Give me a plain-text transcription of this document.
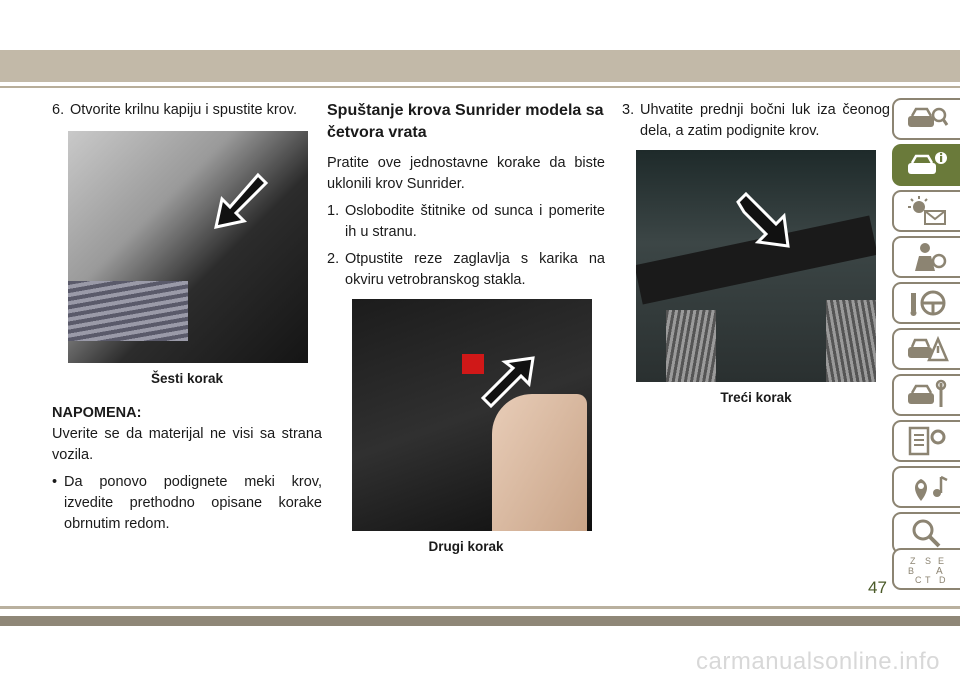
6. Otvorite krilnu kapiju i spustite krov.
Šesti korak
NAPOMENA:

Uverite se da materijal ne visi sa strana vozila.

• Da ponovo podignete meki krov, izvedite prethodno opisane korake obrnutim redom.
Spuštanje krova Sunrider modela sa četvora vrata

Pratite ove jednostavne korake da biste uklonili krov Sunrider.

1. Oslobodite štitnike od sunca i pomerite ih u stranu.
2. Otpustite reze zaglavlja s karika na okviru vetrobranskog stakla.
Drugi korak
3. Uhvatite prednji bočni luk iza čeonog dela, a zatim podignite krov.
Treći korak
Z S E
B A
C T D
47
carmanualsonline.info
